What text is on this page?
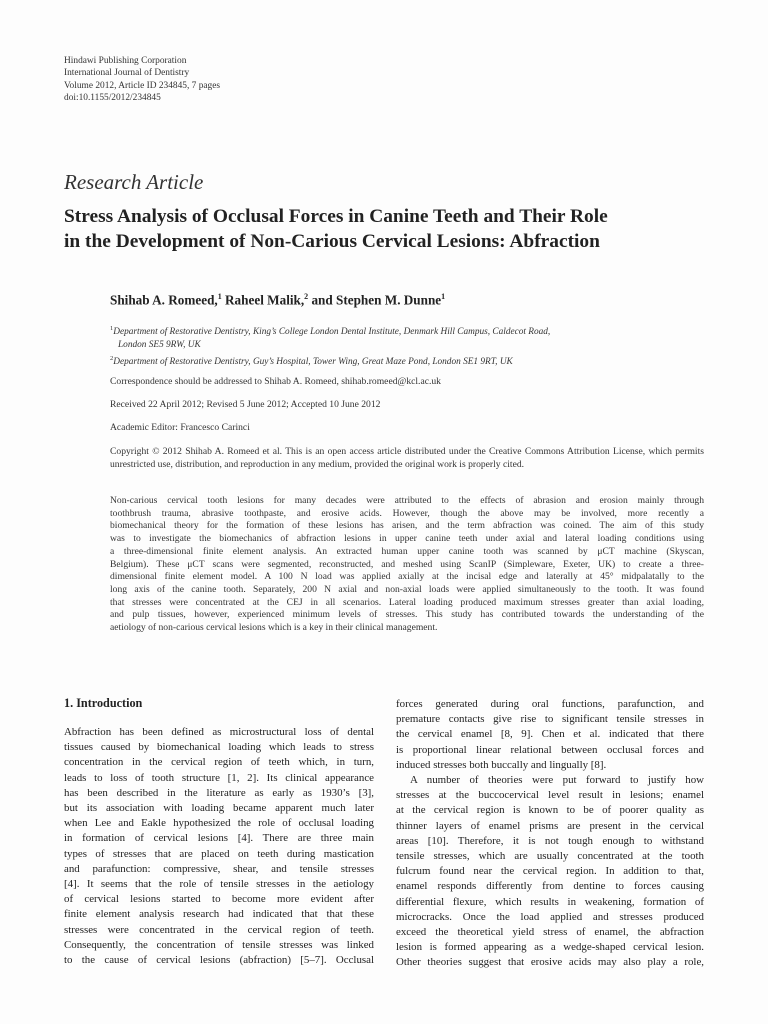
Hindawi Publishing Corporation
International Journal of Dentistry
Volume 2012, Article ID 234845, 7 pages
doi:10.1155/2012/234845
Research Article
Stress Analysis of Occlusal Forces in Canine Teeth and Their Role
in the Development of Non-Carious Cervical Lesions: Abfraction
Shihab A. Romeed,$^1$ Raheel Malik,$^2$ and Stephen M. Dunne$^1$
$^1$Department of Restorative Dentistry, King’s College London Dental Institute, Denmark Hill Campus, Caldecot Road,
London SE5 9RW, UK
$^2$Department of Restorative Dentistry, Guy’s Hospital, Tower Wing, Great Maze Pond, London SE1 9RT, UK
Correspondence should be addressed to Shihab A. Romeed, shihab.romeed@kcl.ac.uk
Received 22 April 2012; Revised 5 June 2012; Accepted 10 June 2012
Academic Editor: Francesco Carinci
Copyright © 2012 Shihab A. Romeed et al. This is an open access article distributed under the Creative Commons Attribution License, which permits unrestricted use, distribution, and reproduction in any medium, provided the original work is properly cited.
Non-carious cervical tooth lesions for many decades were attributed to the effects of abrasion and erosion mainly through
toothbrush trauma, abrasive toothpaste, and erosive acids. However, though the above may be involved, more recently a
biomechanical theory for the formation of these lesions has arisen, and the term abfraction was coined. The aim of this study
was to investigate the biomechanics of abfraction lesions in upper canine teeth under axial and lateral loading conditions using
a three-dimensional finite element analysis. An extracted human upper canine tooth was scanned by μCT machine (Skyscan,
Belgium). These μCT scans were segmented, reconstructed, and meshed using ScanIP (Simpleware, Exeter, UK) to create a three-
dimensional finite element model. A 100 N load was applied axially at the incisal edge and laterally at 45° midpalatally to the
long axis of the canine tooth. Separately, 200 N axial and non-axial loads were applied simultaneously to the tooth. It was found
that stresses were concentrated at the CEJ in all scenarios. Lateral loading produced maximum stresses greater than axial loading,
and pulp tissues, however, experienced minimum levels of stresses. This study has contributed towards the understanding of the
aetiology of non-carious cervical lesions which is a key in their clinical management.
1. Introduction
Abfraction has been defined as microstructural loss of dental
tissues caused by biomechanical loading which leads to stress
concentration in the cervical region of teeth which, in turn,
leads to loss of tooth structure [1, 2]. Its clinical appearance
has been described in the literature as early as 1930’s [3],
but its association with loading became apparent much later
when Lee and Eakle hypothesized the role of occlusal loading
in formation of cervical lesions [4]. There are three main
types of stresses that are placed on teeth during mastication
and parafunction: compressive, shear, and tensile stresses
[4]. It seems that the role of tensile stresses in the aetiology
of cervical lesions started to become more evident after
finite element analysis research had indicated that that these
stresses were concentrated in the cervical region of teeth.
Consequently, the concentration of tensile stresses was linked
to the cause of cervical lesions (abfraction) [5–7]. Occlusal
forces generated during oral functions, parafunction, and
premature contacts give rise to significant tensile stresses in
the cervical enamel [8, 9]. Chen et al. indicated that there
is proportional linear relational between occlusal forces and
induced stresses both buccally and lingually [8].
A number of theories were put forward to justify how
stresses at the buccocervical level result in lesions; enamel
at the cervical region is known to be of poorer quality as
thinner layers of enamel prisms are present in the cervical
areas [10]. Therefore, it is not tough enough to withstand
tensile stresses, which are usually concentrated at the tooth
fulcrum found near the cervical region. In addition to that,
enamel responds differently from dentine to forces causing
differential flexure, which results in weakening, formation of
microcracks. Once the load applied and stresses produced
exceed the theoretical yield stress of enamel, the abfraction
lesion is formed appearing as a wedge-shaped cervical lesion.
Other theories suggest that erosive acids may also play a role,
